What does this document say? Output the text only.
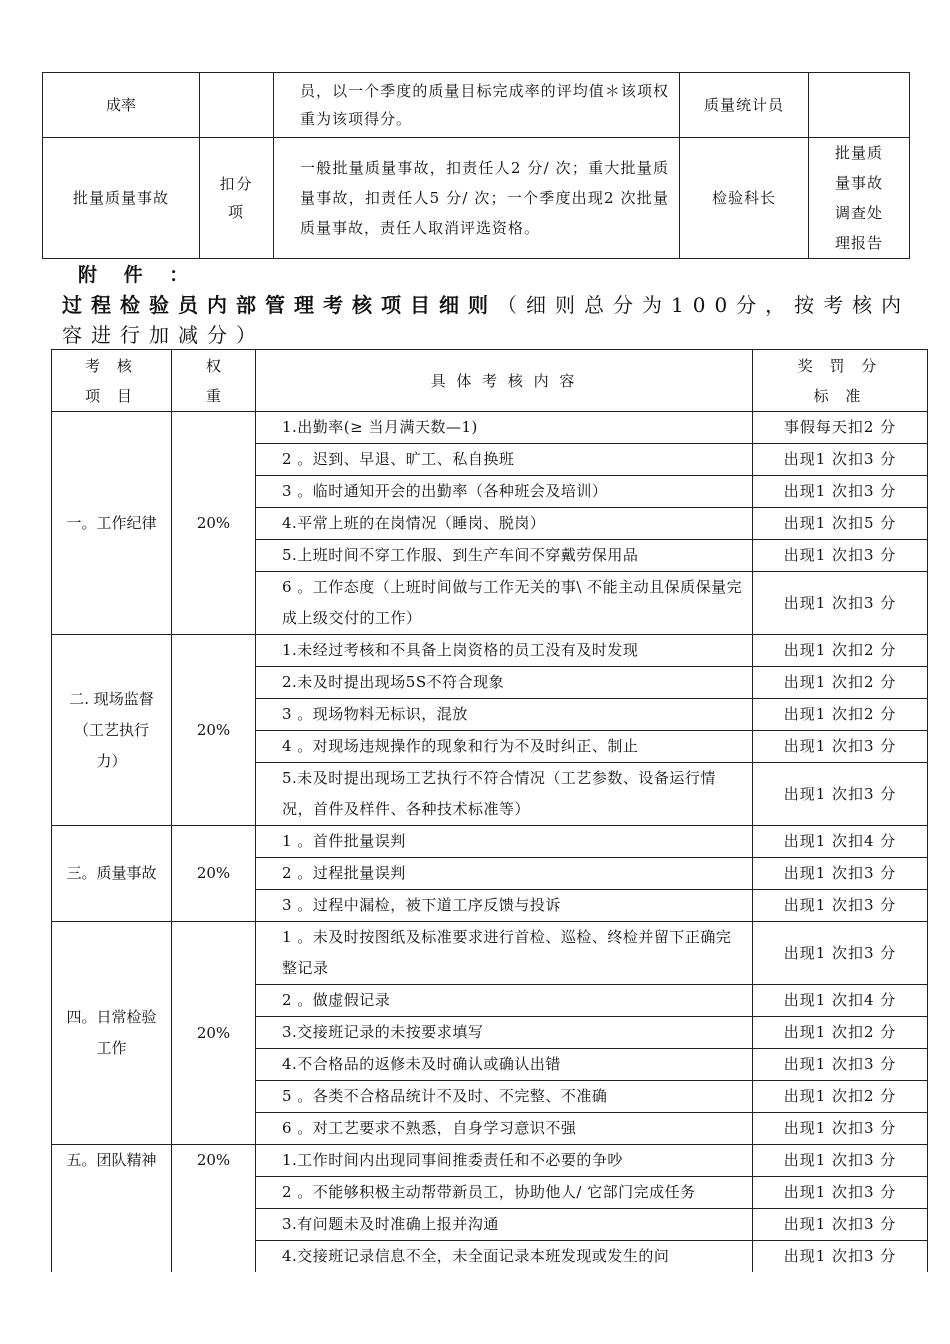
成率		员，以一个季度的质量目标完成率的评均值＊该项权重为该项得分。	质量统计员	
批量质量事故	扣分项	一般批量质量事故，扣责任人2 分/ 次；重大批量质量事故，扣责任人5 分/ 次；一个季度出现2 次批量质量事故，责任人取消评选资格。	检验科长	批量质量事故调查处理报告
附 件 ：
过程检验员内部管理考核项目细则（细则总分为100分，按考核内容进行加减分）
考 核 项 目	权 重	具 体 考 核 内 容	奖 罚 分 标 准
一。工作纪律	20%	1.出勤率(≥ 当月满天数—1)	事假每天扣2 分
		2 。迟到、早退、旷工、私自换班	出现1 次扣3 分
		3 。临时通知开会的出勤率（各种班会及培训）	出现1 次扣3 分
		4.平常上班的在岗情况（睡岗、脱岗）	出现1 次扣5 分
		5.上班时间不穿工作服、到生产车间不穿戴劳保用品	出现1 次扣3 分
		6 。工作态度（上班时间做与工作无关的事\ 不能主动且保质保量完成上级交付的工作）	出现1 次扣3 分
二. 现场监督（工艺执行力）	20%	1.未经过考核和不具备上岗资格的员工没有及时发现	出现1 次扣2 分
		2.未及时提出现场5S不符合现象	出现1 次扣2 分
		3 。现场物料无标识，混放	出现1 次扣2 分
		4 。对现场违规操作的现象和行为不及时纠正、制止	出现1 次扣3 分
		5.未及时提出现场工艺执行不符合情况（工艺参数、设备运行情况，首件及样件、各种技术标准等）	出现1 次扣3 分
三。质量事故	20%	1 。首件批量误判	出现1 次扣4 分
		2 。过程批量误判	出现1 次扣3 分
		3 。过程中漏检，被下道工序反馈与投诉	出现1 次扣3 分
四。日常检验工作	20%	1 。未及时按图纸及标准要求进行首检、巡检、终检并留下正确完整记录	出现1 次扣3 分
		2 。做虚假记录	出现1 次扣4 分
		3.交接班记录的未按要求填写	出现1 次扣2 分
		4.不合格品的返修未及时确认或确认出错	出现1 次扣3 分
		5 。各类不合格品统计不及时、不完整、不准确	出现1 次扣2 分
		6 。对工艺要求不熟悉，自身学习意识不强	出现1 次扣3 分
五。团队精神	20%	1.工作时间内出现同事间推委责任和不必要的争吵	出现1 次扣3 分
		2 。不能够积极主动帮带新员工，协助他人/ 它部门完成任务	出现1 次扣3 分
		3.有问题未及时准确上报并沟通	出现1 次扣3 分
		4.交接班记录信息不全，未全面记录本班发现或发生的问	出现1 次扣3 分
